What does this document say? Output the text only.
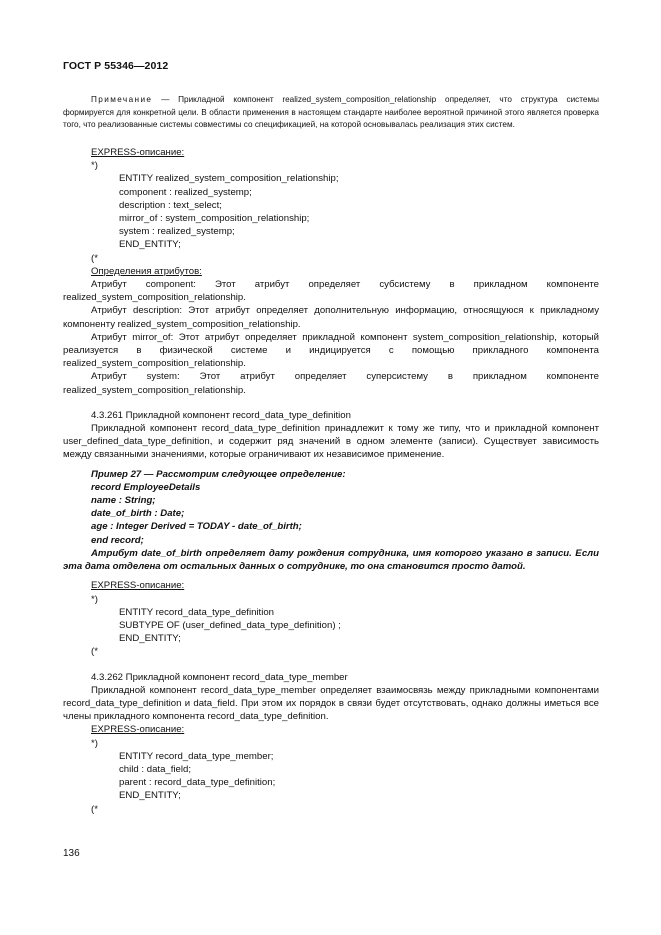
ГОСТ Р 55346—2012

Примечание — Прикладной компонент realized_system_composition_relationship определяет, что структура системы формируется для конкретной цели. В области применения в настоящем стандарте наиболее вероятной причиной этого является проверка того, что реализованные системы совместимы со спецификацией, на которой основывалась реализация этих систем.

EXPRESS-описание:

*)

ENTITY realized_system_composition_relationship;

component : realized_systemp;

description : text_select;

mirror_of : system_composition_relationship;

system : realized_systemp;

END_ENTITY;

(*

Определения атрибутов:

Атрибут component: Этот атрибут определяет субсистему в прикладном компоненте realized_system_composition_relationship.

Атрибут description: Этот атрибут определяет дополнительную информацию, относящуюся к прикладному компоненту realized_system_composition_relationship.

Атрибут mirror_of: Этот атрибут определяет прикладной компонент system_composition_relationship, который реализуется в физической системе и индицируется с помощью прикладного компонента realized_system_composition_relationship.

Атрибут system: Этот атрибут определяет суперсистему в прикладном компоненте realized_system_composition_relationship.

4.3.261 Прикладной компонент record_data_type_definition

Прикладной компонент record_data_type_definition принадлежит к тому же типу, что и прикладной компонент user_defined_data_type_definition, и содержит ряд значений в одном элементе (записи). Существует зависимость между связанными значениями, которые ограничивают их независимое применение.

Пример 27 — Рассмотрим следующее определение:

record EmployeeDetails

name : String;

date_of_birth : Date;

age : Integer Derived = TODAY - date_of_birth;

end record;

Атрибут date_of_birth определяет дату рождения сотрудника, имя которого указано в записи. Если эта дата отделена от остальных данных о сотруднике, то она становится просто датой.

EXPRESS-описание:

*)

ENTITY record_data_type_definition

SUBTYPE OF (user_defined_data_type_definition) ;

END_ENTITY;

(*

4.3.262 Прикладной компонент record_data_type_member

Прикладной компонент record_data_type_member определяет взаимосвязь между прикладными компонентами record_data_type_definition и data_field. При этом их порядок в связи будет отсутствовать, однако должны иметься все члены прикладного компонента record_data_type_definition.

EXPRESS-описание:

*)

ENTITY record_data_type_member;

child : data_field;

parent : record_data_type_definition;

END_ENTITY;

(*

136
